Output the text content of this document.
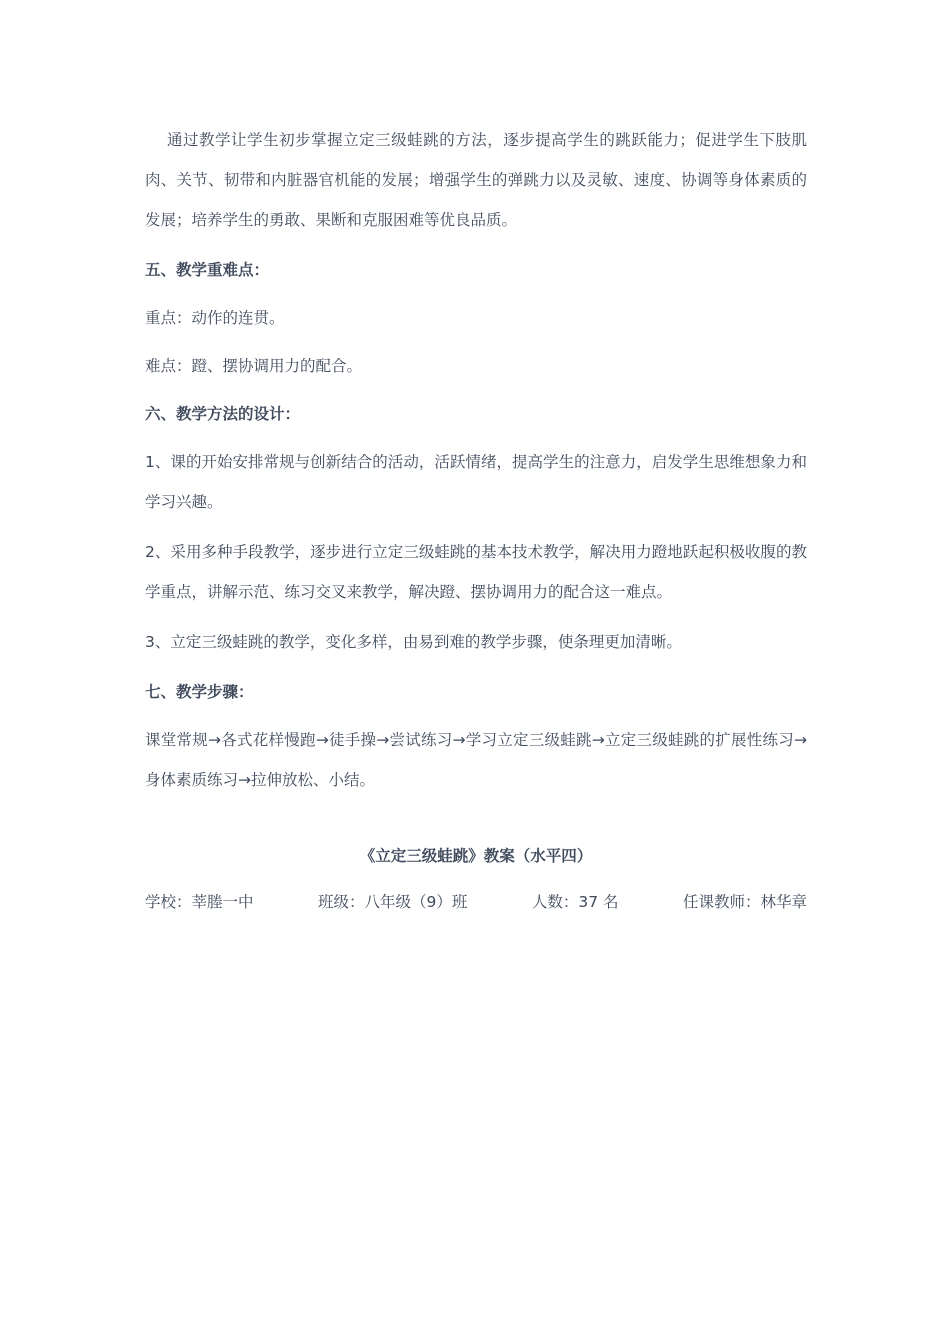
通过教学让学生初步掌握立定三级蛙跳的方法，逐步提高学生的跳跃能力；促进学生下肢肌肉、关节、韧带和内脏器官机能的发展；增强学生的弹跳力以及灵敏、速度、协调等身体素质的发展；培养学生的勇敢、果断和克服困难等优良品质。

五、教学重难点：

重点：动作的连贯。

难点：蹬、摆协调用力的配合。

六、教学方法的设计：

1、课的开始安排常规与创新结合的活动，活跃情绪，提高学生的注意力，启发学生思维想象力和学习兴趣。

2、采用多种手段教学，逐步进行立定三级蛙跳的基本技术教学，解决用力蹬地跃起积极收腹的教学重点，讲解示范、练习交叉来教学，解决蹬、摆协调用力的配合这一难点。

3、立定三级蛙跳的教学，变化多样，由易到难的教学步骤，使条理更加清晰。

七、教学步骤：

课堂常规→各式花样慢跑→徒手操→尝试练习→学习立定三级蛙跳→立定三级蛙跳的扩展性练习→身体素质练习→拉伸放松、小结。

《立定三级蛙跳》教案（水平四）
学校：莘塍一中	班级：八年级（9）班	人数：37 名	任课教师：林华章
